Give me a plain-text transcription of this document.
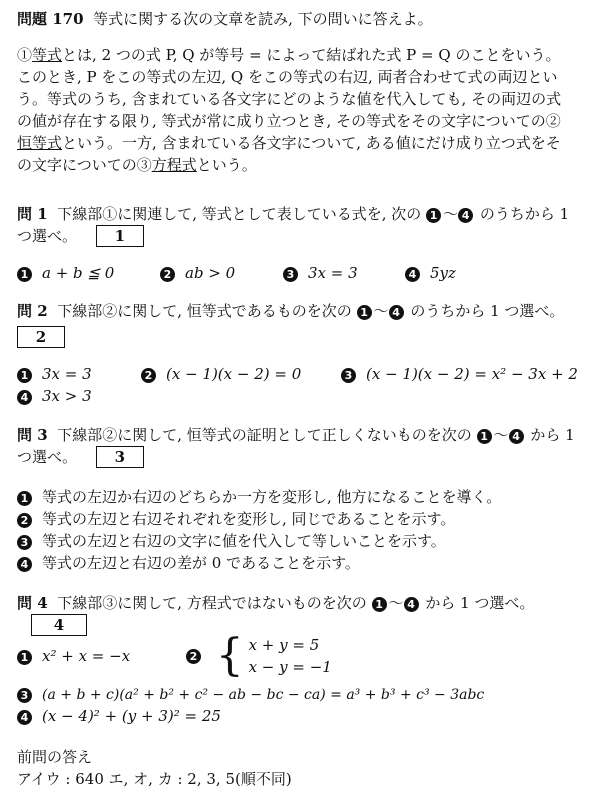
問題 170 等式に関する次の文章を読み, 下の問いに答えよ。
①等式とは, 2 つの式 P, Q が等号 = によって結ばれた式 P = Q のことをいう。このとき, P をこの等式の左辺, Q をこの等式の右辺, 両者合わせて式の両辺という。等式のうち, 含まれている各文字にどのような値を代入しても, その両辺の式の値が存在する限り, 等式が常に成り立つとき, その等式をその文字についての②恒等式という。一方, 含まれている各文字について, ある値にだけ成り立つ式をその文字についての③方程式という。
問 1 下線部①に関連して, 等式として表している式を, 次の 1 ～ 4 のうちから 1 つ選べ。	1
1 a + b ≦ 0	2 ab > 0	3 3x = 3	4 5yz
問 2 下線部②に関して, 恒等式であるものを次の 1 ～ 4 のうちから 1 つ選べ。
2
1 3x = 3	2 (x − 1)(x − 2) = 0	3 (x − 1)(x − 2) = x² − 3x + 2
4 3x > 3
問 3 下線部②に関して, 恒等式の証明として正しくないものを次の 1 ～ 4 から 1 つ選べ。	3
1 等式の左辺か右辺のどちらか一方を変形し, 他方になることを導く。
2 等式の左辺と右辺それぞれを変形し, 同じであることを示す。
3 等式の左辺と右辺の文字に値を代入して等しいことを示す。
4 等式の左辺と右辺の差が 0 であることを示す。
問 4 下線部③に関して, 方程式ではないものを次の 1 ～ 4 から 1 つ選べ。 4
1 x² + x = −x	2 { x + y = 5
x − y = −1
3 (a + b + c)(a² + b² + c² − ab − bc − ca) = a³ + b³ + c³ − 3abc
4 (x − 4)² + (y + 3)² = 25
前問の答え
アイウ : 640 エ, オ, カ : 2, 3, 5(順不同)
